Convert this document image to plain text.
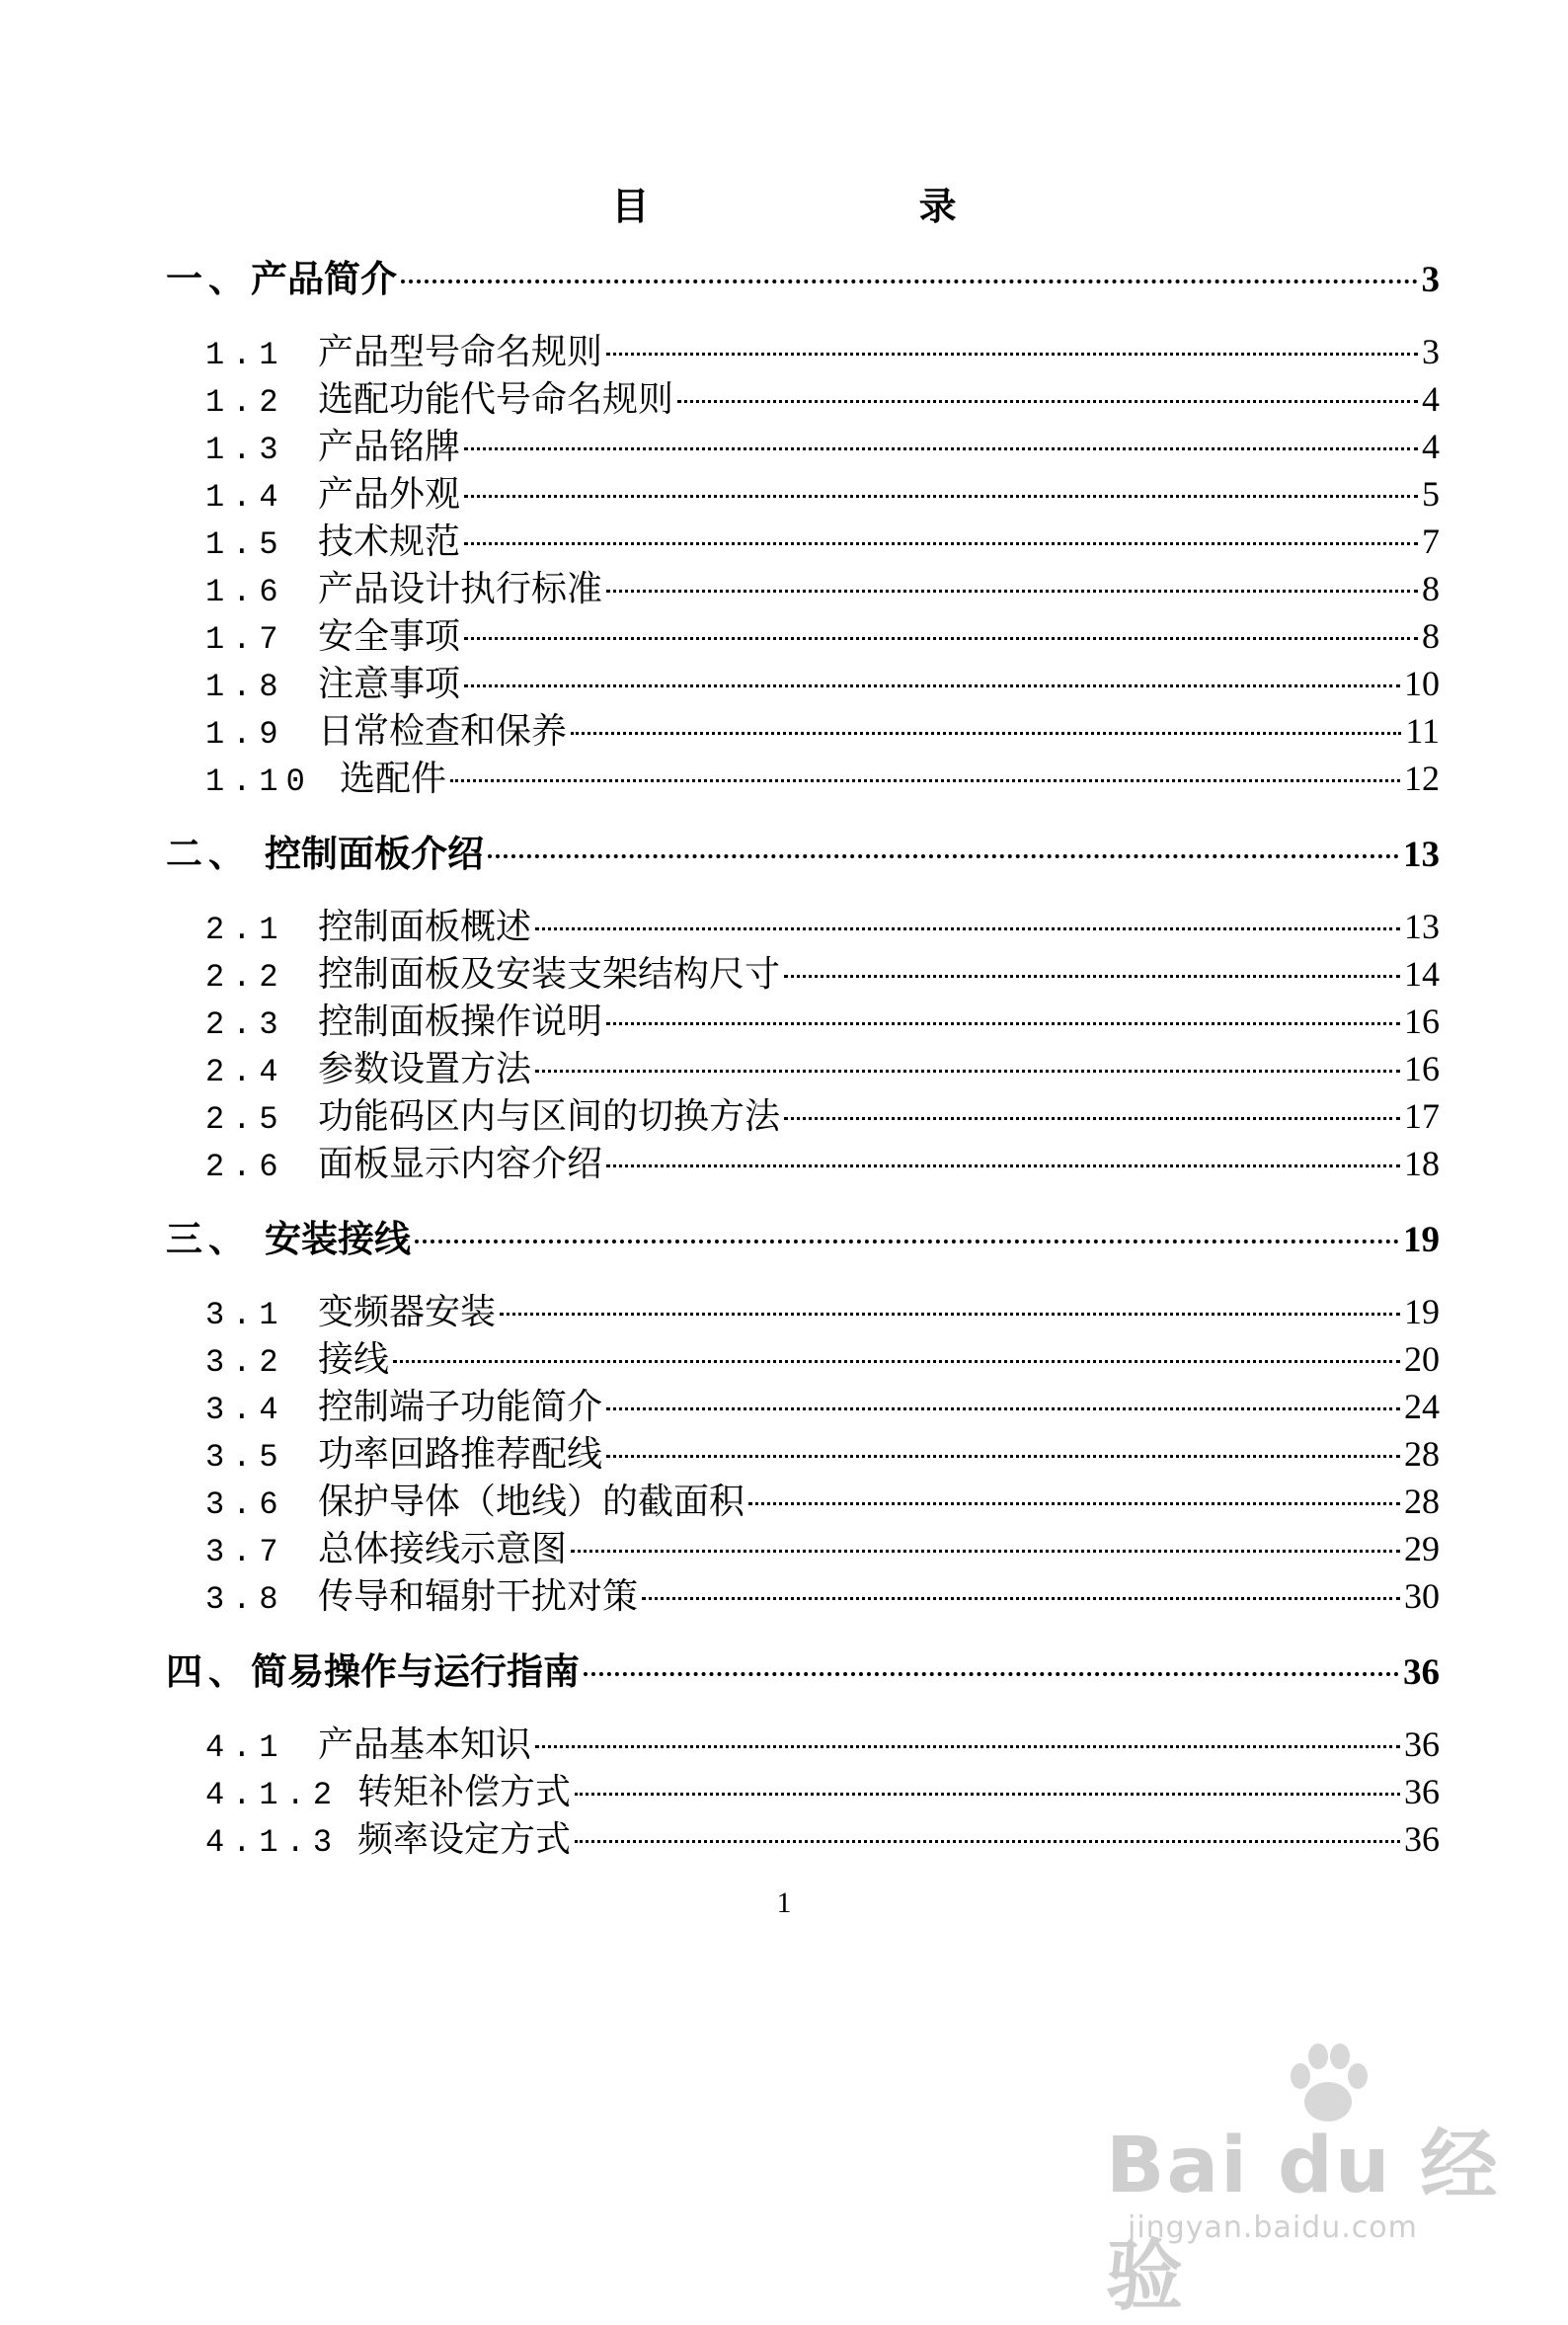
目 录
一、 产品简介	3
1.1 产品型号命名规则	3
1.2 选配功能代号命名规则	4
1.3 产品铭牌	4
1.4 产品外观	5
1.5 技术规范	7
1.6 产品设计执行标准	8
1.7 安全事项	8
1.8 注意事项	10
1.9 日常检查和保养	11
1.10 选配件	12
二、 控制面板介绍	13
2.1 控制面板概述	13
2.2 控制面板及安装支架结构尺寸	14
2.3 控制面板操作说明	16
2.4 参数设置方法	16
2.5 功能码区内与区间的切换方法	17
2.6 面板显示内容介绍	18
三、 安装接线	19
3.1 变频器安装	19
3.2 接线	20
3.4 控制端子功能简介	24
3.5 功率回路推荐配线	28
3.6 保护导体（地线）的截面积	28
3.7 总体接线示意图	29
3.8 传导和辐射干扰对策	30
四、 简易操作与运行指南	36
4.1 产品基本知识	36
4.1.2 转矩补偿方式	36
4.1.3 频率设定方式	36
1
Bai du 经验
jingyan.baidu.com
